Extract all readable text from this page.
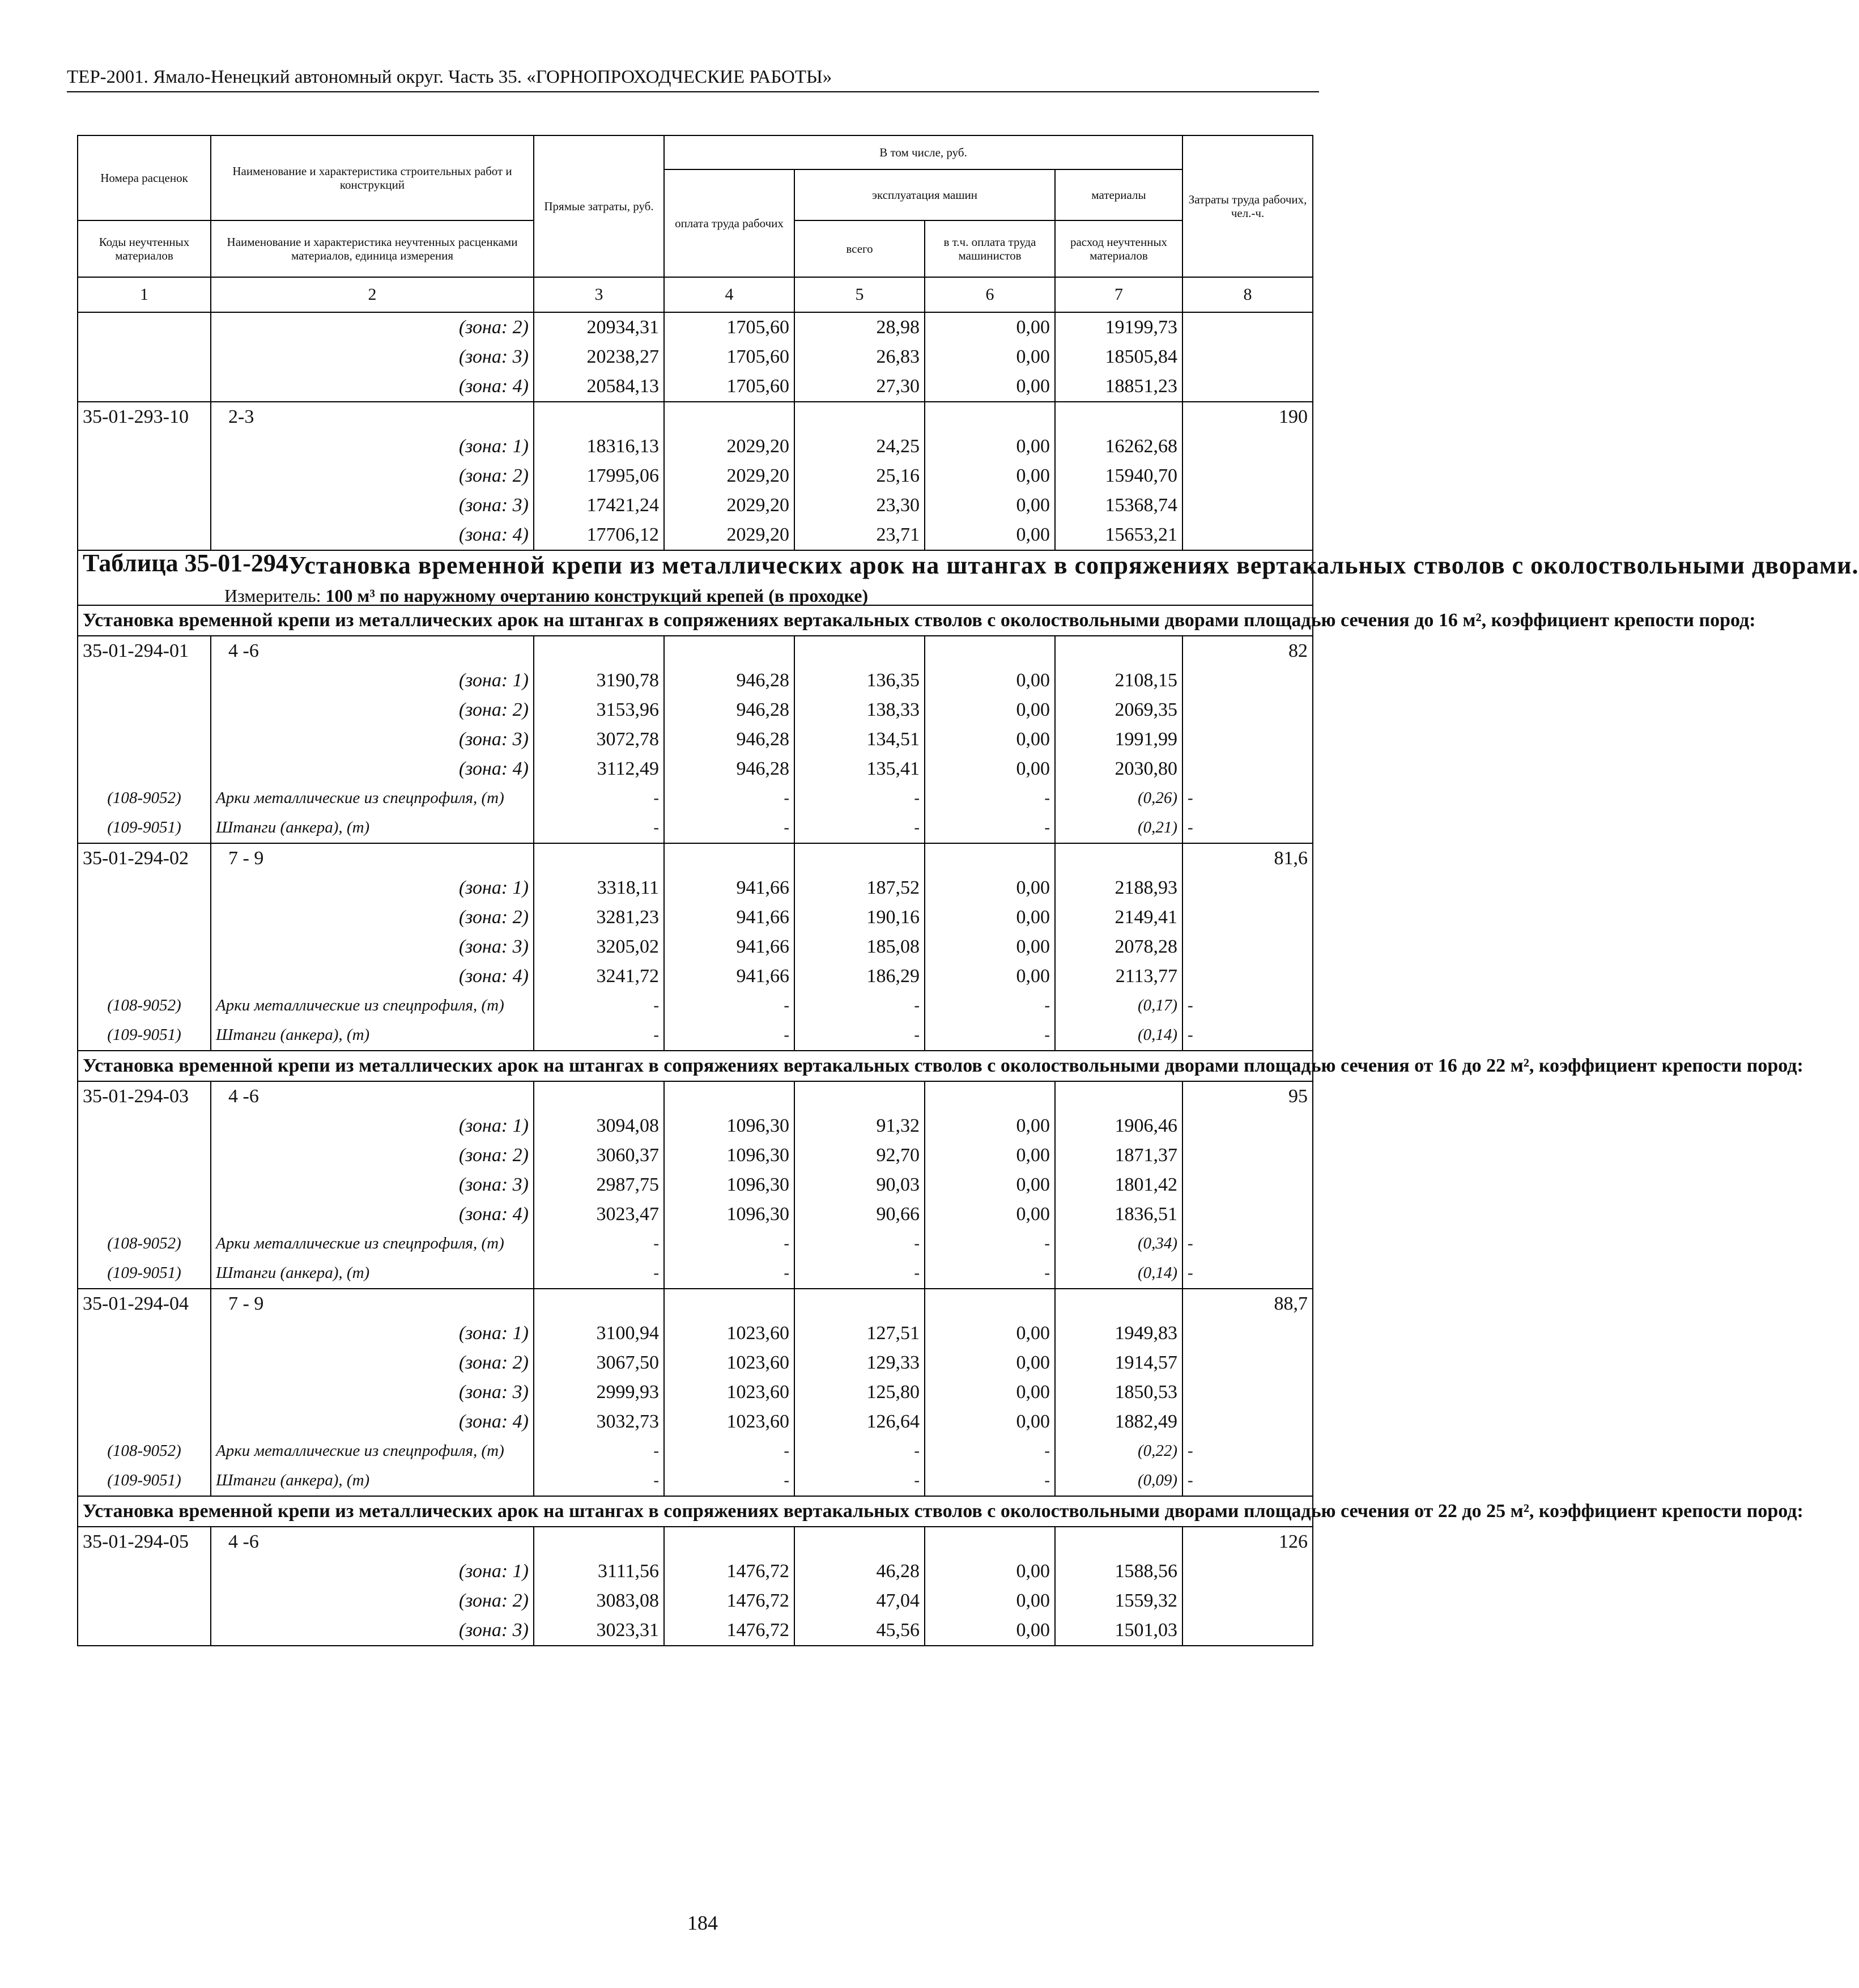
ТЕР-2001. Ямало-Ненецкий автономный округ. Часть 35. «ГОРНОПРОХОДЧЕСКИЕ РАБОТЫ»
Номера расценок	Наименование и характеристика строительных работ и конструкций	Прямые затраты, руб.	В том числе, руб.				Затраты труда рабочих, чел.-ч.
			оплата труда рабочих	эксплуатация машин		материалы	
Коды неучтенных материалов	Наименование и характеристика неучтенных расценками материалов, единица измерения			всего	в т.ч. оплата труда машинистов	расход неучтенных материалов	
1	2	3	4	5	6	7	8
	(зона: 2)	20934,31	1705,60	28,98	0,00	19199,73	
	(зона: 3)	20238,27	1705,60	26,83	0,00	18505,84	
	(зона: 4)	20584,13	1705,60	27,30	0,00	18851,23	
35-01-293-10	2-3						190
	(зона: 1)	18316,13	2029,20	24,25	0,00	16262,68	
	(зона: 2)	17995,06	2029,20	25,16	0,00	15940,70	
	(зона: 3)	17421,24	2029,20	23,30	0,00	15368,74	
	(зона: 4)	17706,12	2029,20	23,71	0,00	15653,21	

Таблица 35-01-294 Установка временной крепи из металлических арок на штангах в сопряжениях вертакальных стволов с околоствольными дворами.
Измеритель: 100 м³ по наружному очертанию конструкций крепей (в проходке)							

Установка временной крепи из металлических арок на штангах в сопряжениях вертакальных стволов с околоствольными дворами площадью сечения до 16 м², коэффициент крепости пород:							
35-01-294-01	4 -6						82
	(зона: 1)	3190,78	946,28	136,35	0,00	2108,15	
	(зона: 2)	3153,96	946,28	138,33	0,00	2069,35	
	(зона: 3)	3072,78	946,28	134,51	0,00	1991,99	
	(зона: 4)	3112,49	946,28	135,41	0,00	2030,80	
(108-9052)	Арки металлические из спецпрофиля, (т)	-	-	-	-	(0,26)	-
(109-9051)	Штанги (анкера), (т)	-	-	-	-	(0,21)	-
35-01-294-02	7 - 9						81,6
	(зона: 1)	3318,11	941,66	187,52	0,00	2188,93	
	(зона: 2)	3281,23	941,66	190,16	0,00	2149,41	
	(зона: 3)	3205,02	941,66	185,08	0,00	2078,28	
	(зона: 4)	3241,72	941,66	186,29	0,00	2113,77	
(108-9052)	Арки металлические из спецпрофиля, (т)	-	-	-	-	(0,17)	-
(109-9051)	Штанги (анкера), (т)	-	-	-	-	(0,14)	-
Установка временной крепи из металлических арок на штангах в сопряжениях вертакальных стволов с околоствольными дворами площадью сечения от 16 до 22 м², коэффициент крепости пород:							
35-01-294-03	4 -6						95
	(зона: 1)	3094,08	1096,30	91,32	0,00	1906,46	
	(зона: 2)	3060,37	1096,30	92,70	0,00	1871,37	
	(зона: 3)	2987,75	1096,30	90,03	0,00	1801,42	
	(зона: 4)	3023,47	1096,30	90,66	0,00	1836,51	
(108-9052)	Арки металлические из спецпрофиля, (т)	-	-	-	-	(0,34)	-
(109-9051)	Штанги (анкера), (т)	-	-	-	-	(0,14)	-
35-01-294-04	7 - 9						88,7
	(зона: 1)	3100,94	1023,60	127,51	0,00	1949,83	
	(зона: 2)	3067,50	1023,60	129,33	0,00	1914,57	
	(зона: 3)	2999,93	1023,60	125,80	0,00	1850,53	
	(зона: 4)	3032,73	1023,60	126,64	0,00	1882,49	
(108-9052)	Арки металлические из спецпрофиля, (т)	-	-	-	-	(0,22)	-
(109-9051)	Штанги (анкера), (т)	-	-	-	-	(0,09)	-
Установка временной крепи из металлических арок на штангах в сопряжениях вертакальных стволов с околоствольными дворами площадью сечения от 22 до 25 м², коэффициент крепости пород:							
35-01-294-05	4 -6						126
	(зона: 1)	3111,56	1476,72	46,28	0,00	1588,56	
	(зона: 2)	3083,08	1476,72	47,04	0,00	1559,32	
	(зона: 3)	3023,31	1476,72	45,56	0,00	1501,03	
184
